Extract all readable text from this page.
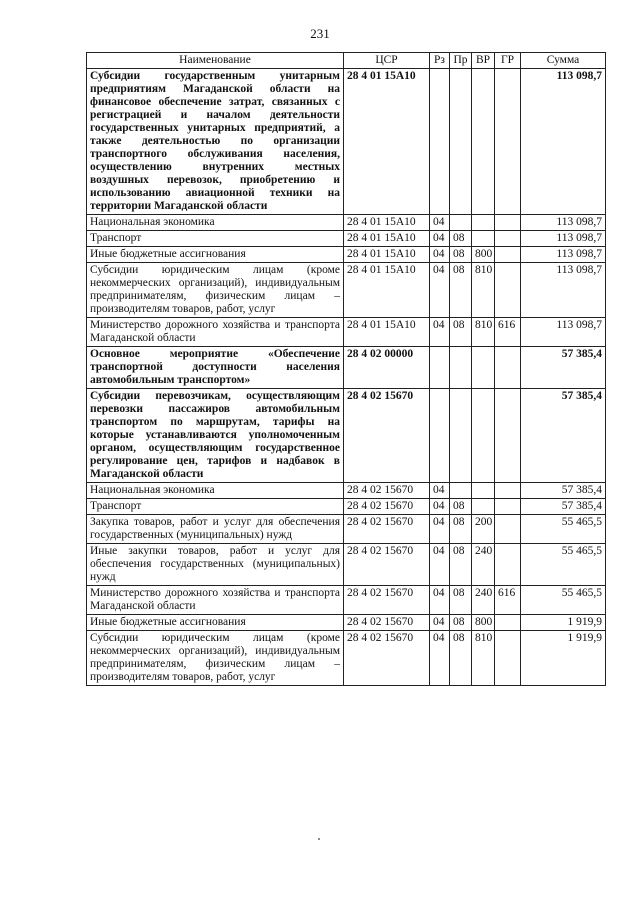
231
Наименование	ЦСР	Рз	Пр	ВР	ГР	Сумма
Субсидии государственным унитарным предприятиям Магаданской области на финансовое обеспечение затрат, связанных с регистрацией и началом деятельности государственных унитарных предприятий, а также деятельностью по организации транспортного обслуживания населения, осуществлению внутренних местных воздушных перевозок, приобретению и использованию авиационной техники на территории Магаданской области	28 4 01 15А10					113 098,7
Национальная экономика	28 4 01 15А10	04				113 098,7
Транспорт	28 4 01 15А10	04	08			113 098,7
Иные бюджетные ассигнования	28 4 01 15А10	04	08	800		113 098,7
Субсидии юридическим лицам (кроме некоммерческих организаций), индивидуальным предпринимателям, физическим лицам – производителям товаров, работ, услуг	28 4 01 15А10	04	08	810		113 098,7
Министерство дорожного хозяйства и транспорта Магаданской области	28 4 01 15А10	04	08	810	616	113 098,7
Основное мероприятие «Обеспечение транспортной доступности населения автомобильным транспортом»	28 4 02 00000					57 385,4
Субсидии перевозчикам, осуществляющим перевозки пассажиров автомобильным транспортом по маршрутам, тарифы на которые устанавливаются уполномоченным органом, осуществляющим государственное регулирование цен, тарифов и надбавок в Магаданской области	28 4 02 15670					57 385,4
Национальная экономика	28 4 02 15670	04				57 385,4
Транспорт	28 4 02 15670	04	08			57 385,4
Закупка товаров, работ и услуг для обеспечения государственных (муниципальных) нужд	28 4 02 15670	04	08	200		55 465,5
Иные закупки товаров, работ и услуг для обеспечения государственных (муниципальных) нужд	28 4 02 15670	04	08	240		55 465,5
Министерство дорожного хозяйства и транспорта Магаданской области	28 4 02 15670	04	08	240	616	55 465,5
Иные бюджетные ассигнования	28 4 02 15670	04	08	800		1 919,9
Субсидии юридическим лицам (кроме некоммерческих организаций), индивидуальным предпринимателям, физическим лицам – производителям товаров, работ, услуг	28 4 02 15670	04	08	810		1 919,9
